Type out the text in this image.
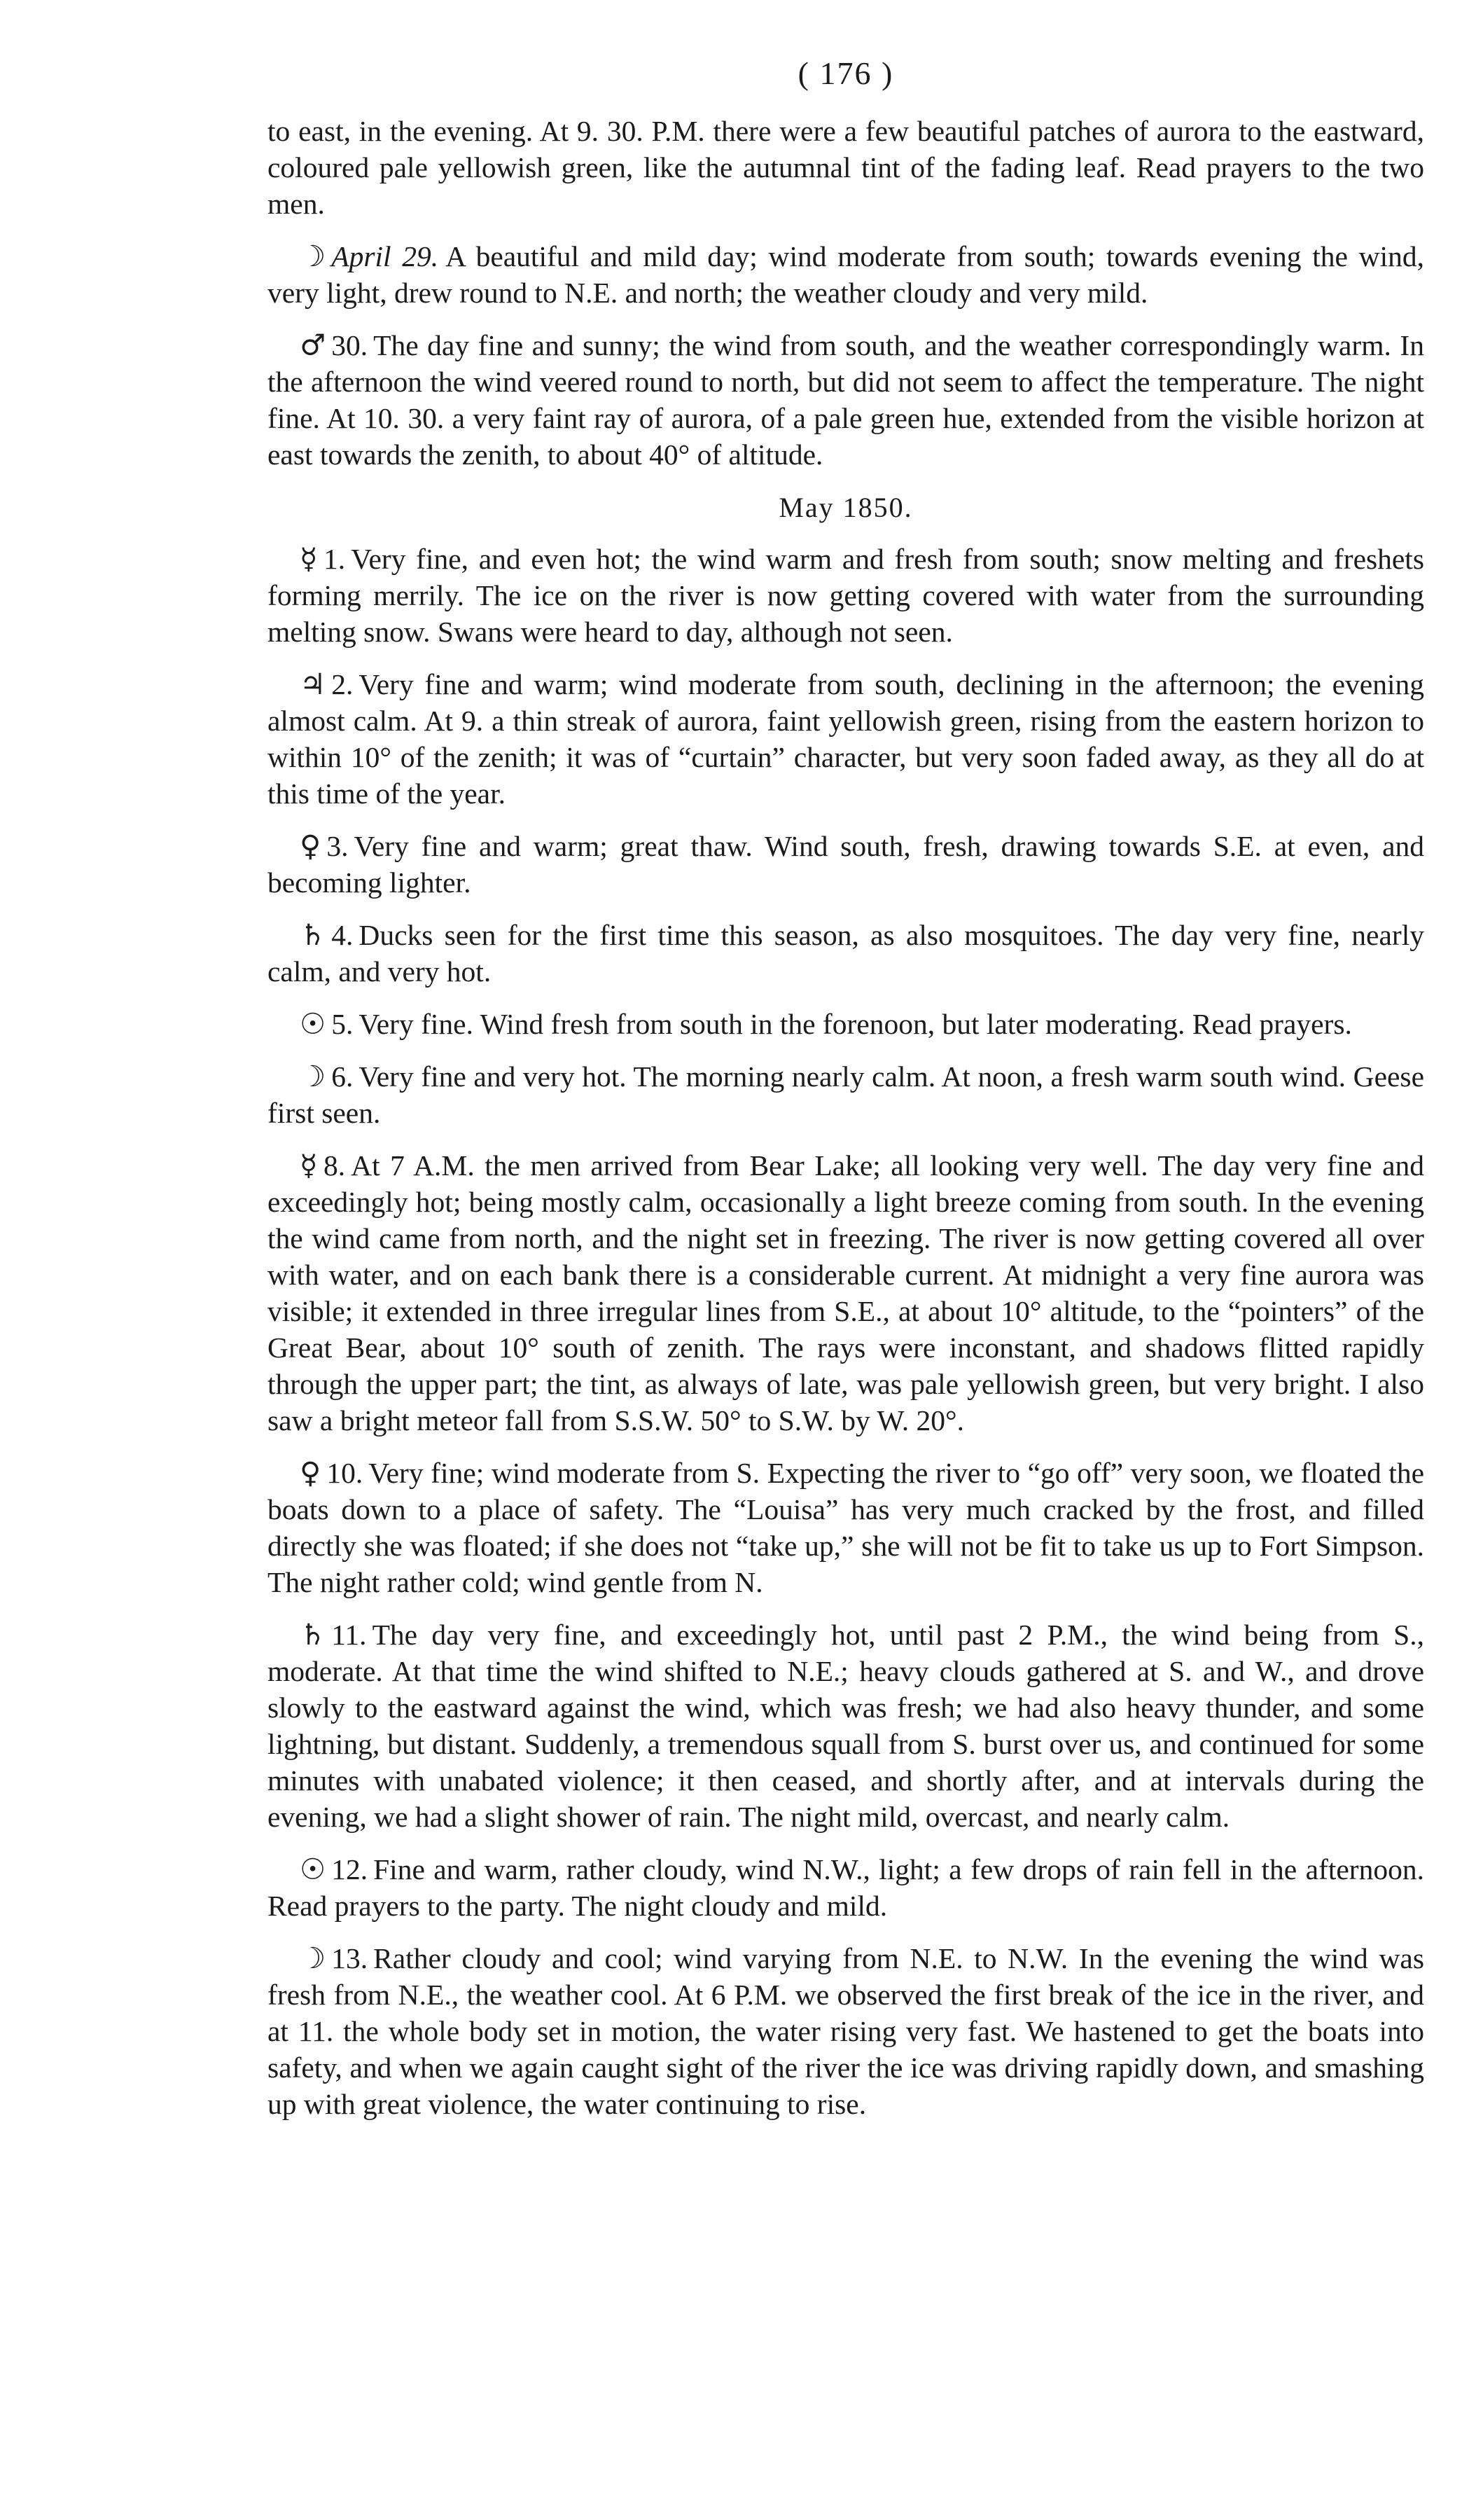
( 176 )

to east, in the evening. At 9. 30. P.M. there were a few beautiful patches of aurora to the eastward, coloured pale yellowish green, like the autumnal tint of the fading leaf. Read prayers to the two men.

☽ April 29. A beautiful and mild day; wind moderate from south; towards evening the wind, very light, drew round to N.E. and north; the weather cloudy and very mild.

♂ 30. The day fine and sunny; the wind from south, and the weather correspondingly warm. In the afternoon the wind veered round to north, but did not seem to affect the temperature. The night fine. At 10. 30. a very faint ray of aurora, of a pale green hue, extended from the visible horizon at east towards the zenith, to about 40° of altitude.

May 1850.

☿ 1. Very fine, and even hot; the wind warm and fresh from south; snow melting and freshets forming merrily. The ice on the river is now getting covered with water from the surrounding melting snow. Swans were heard to day, although not seen.

♃ 2. Very fine and warm; wind moderate from south, declining in the afternoon; the evening almost calm. At 9. a thin streak of aurora, faint yellowish green, rising from the eastern horizon to within 10° of the zenith; it was of “curtain” character, but very soon faded away, as they all do at this time of the year.

♀ 3. Very fine and warm; great thaw. Wind south, fresh, drawing towards S.E. at even, and becoming lighter.

♄ 4. Ducks seen for the first time this season, as also mosquitoes. The day very fine, nearly calm, and very hot.

☉ 5. Very fine. Wind fresh from south in the forenoon, but later moderating. Read prayers.

☽ 6. Very fine and very hot. The morning nearly calm. At noon, a fresh warm south wind. Geese first seen.

☿ 8. At 7 A.M. the men arrived from Bear Lake; all looking very well. The day very fine and exceedingly hot; being mostly calm, occasionally a light breeze coming from south. In the evening the wind came from north, and the night set in freezing. The river is now getting covered all over with water, and on each bank there is a considerable current. At midnight a very fine aurora was visible; it extended in three irregular lines from S.E., at about 10° altitude, to the “pointers” of the Great Bear, about 10° south of zenith. The rays were inconstant, and shadows flitted rapidly through the upper part; the tint, as always of late, was pale yellowish green, but very bright. I also saw a bright meteor fall from S.S.W. 50° to S.W. by W. 20°.

♀ 10. Very fine; wind moderate from S. Expecting the river to “go off” very soon, we floated the boats down to a place of safety. The “Louisa” has very much cracked by the frost, and filled directly she was floated; if she does not “take up,” she will not be fit to take us up to Fort Simpson. The night rather cold; wind gentle from N.

♄ 11. The day very fine, and exceedingly hot, until past 2 P.M., the wind being from S., moderate. At that time the wind shifted to N.E.; heavy clouds gathered at S. and W., and drove slowly to the eastward against the wind, which was fresh; we had also heavy thunder, and some lightning, but distant. Suddenly, a tremendous squall from S. burst over us, and continued for some minutes with unabated violence; it then ceased, and shortly after, and at intervals during the evening, we had a slight shower of rain. The night mild, overcast, and nearly calm.

☉ 12. Fine and warm, rather cloudy, wind N.W., light; a few drops of rain fell in the afternoon. Read prayers to the party. The night cloudy and mild.

☽ 13. Rather cloudy and cool; wind varying from N.E. to N.W. In the evening the wind was fresh from N.E., the weather cool. At 6 P.M. we observed the first break of the ice in the river, and at 11. the whole body set in motion, the water rising very fast. We hastened to get the boats into safety, and when we again caught sight of the river the ice was driving rapidly down, and smashing up with great violence, the water continuing to rise.
